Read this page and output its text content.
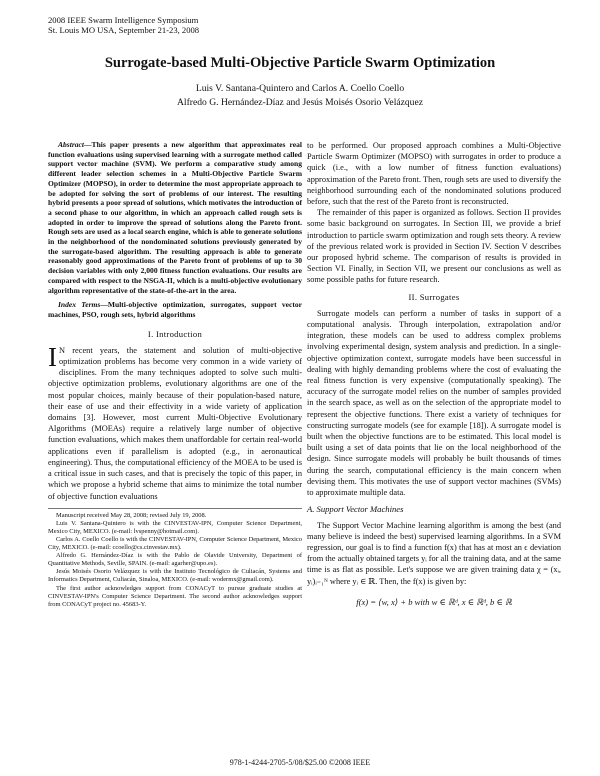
2008 IEEE Swarm Intelligence Symposium
St. Louis MO USA, September 21-23, 2008
Surrogate-based Multi-Objective Particle Swarm Optimization
Luis V. Santana-Quintero and Carlos A. Coello Coello
Alfredo G. Hernández-Díaz and Jesús Moisés Osorio Velázquez

Abstract—This paper presents a new algorithm that approximates real function evaluations using supervised learning with a surrogate method called support vector machine (SVM). We perform a comparative study among different leader selection schemes in a Multi-Objective Particle Swarm Optimizer (MOPSO), in order to determine the most appropriate approach to be adopted for solving the sort of problems of our interest. The resulting hybrid presents a poor spread of solutions, which motivates the introduction of a second phase to our algorithm, in which an approach called rough sets is adopted in order to improve the spread of solutions along the Pareto front. Rough sets are used as a local search engine, which is able to generate solutions in the neighborhood of the nondominated solutions previously generated by the surrogate-based algorithm. The resulting approach is able to generate reasonably good approximations of the Pareto front of problems of up to 30 decision variables with only 2,000 fitness function evaluations. Our results are compared with respect to the NSGA-II, which is a multi-objective evolutionary algorithm representative of the state-of-the-art in the area.

Index Terms—Multi-objective optimization, surrogates, support vector machines, PSO, rough sets, hybrid algorithms

I. Introduction

I N recent years, the statement and solution of multi-objective optimization problems has become very common in a wide variety of disciplines. From the many techniques adopted to solve such multi-objective optimization problems, evolutionary algorithms are one of the most popular choices, mainly because of their population-based nature, their ease of use and their effectivity in a wide variety of application domains [3]. However, most current Multi-Objective Evolutionary Algorithms (MOEAs) require a relatively large number of objective function evaluations, which makes them unaffordable for certain real-world applications even if parallelism is adopted (e.g., in aeronautical engineering). Thus, the computational efficiency of the MOEA to be used is a critical issue in such cases, and that is precisely the topic of this paper, in which we propose a hybrid scheme that aims to minimize the total number of objective function evaluations

Manuscript received May 28, 2008; revised July 19, 2008.

Luis V. Santana-Quintero is with the CINVESTAV-IPN, Computer Science Department, Mexico City, MEXICO. (e-mail: lvspenny@hotmail.com).

Carlos A. Coello Coello is with the CINVESTAV-IPN, Computer Science Department, Mexico City, MEXICO. (e-mail: ccoello@cs.cinvestav.mx).

Alfredo G. Hernández-Díaz is with the Pablo de Olavide University, Department of Quantitative Methods, Seville, SPAIN. (e-mail: agarher@upo.es).

Jesús Moisés Osorio Velázquez is with the Instituto Tecnológico de Culiacán, Systems and Informatics Department, Culiacán, Sinaloa, MEXICO. (e-mail: wodermx@gmail.com).

The first author acknowledges support from CONACyT to pursue graduate studies at CINVESTAV-IPN's Computer Science Department. The second author acknowledges support from CONACyT project no. 45683-Y.

to be performed. Our proposed approach combines a Multi-Objective Particle Swarm Optimizer (MOPSO) with surrogates in order to produce a quick (i.e., with a low number of fitness function evaluations) approximation of the Pareto front. Then, rough sets are used to diversify the neighborhood surrounding each of the nondominated solutions produced before, such that the rest of the Pareto front is reconstructed.

The remainder of this paper is organized as follows. Section II provides some basic background on surrogates. In Section III, we provide a brief introduction to particle swarm optimization and rough sets theory. A review of the previous related work is provided in Section IV. Section V describes our proposed hybrid scheme. The comparison of results is provided in Section VI. Finally, in Section VII, we present our conclusions as well as some possible paths for future research.

II. Surrogates

Surrogate models can perform a number of tasks in support of a computational analysis. Through interpolation, extrapolation and/or integration, these models can be used to address complex problems involving experimental design, system analysis and prediction. In a single-objective optimization context, surrogate models have been successful in dealing with highly demanding problems where the cost of evaluating the real fitness function is very expensive (computationally speaking). The accuracy of the surrogate model relies on the number of samples provided in the search space, as well as on the selection of the appropriate model to represent the objective functions. There exist a variety of techniques for constructing surrogate models (see for example [18]). A surrogate model is built when the objective functions are to be estimated. This local model is built using a set of data points that lie on the local neighborhood of the design. Since surrogate models will probably be built thousands of times during the search, computational efficiency is the main concern when devising them. This motivates the use of support vector machines (SVMs) to approximate multiple data.

A. Support Vector Machines

The Support Vector Machine learning algorithm is among the best (and many believe is indeed the best) supervised learning algorithms. In a SVM regression, our goal is to find a function f(x) that has at most an ϵ deviation from the actually obtained targets yᵢ for all the training data, and at the same time is as flat as possible. Let's suppose we are given training data χ = (xᵢ, yᵢ)ᵢ₌₁ᴺ where yᵢ ∈ ℝ. Then, the f(x) is given by:

f(x) = ⟨w, x⟩ + b with w ∈ ℝᵈ, x ∈ ℝᵈ, b ∈ ℝ
978-1-4244-2705-5/08/$25.00 ©2008 IEEE
